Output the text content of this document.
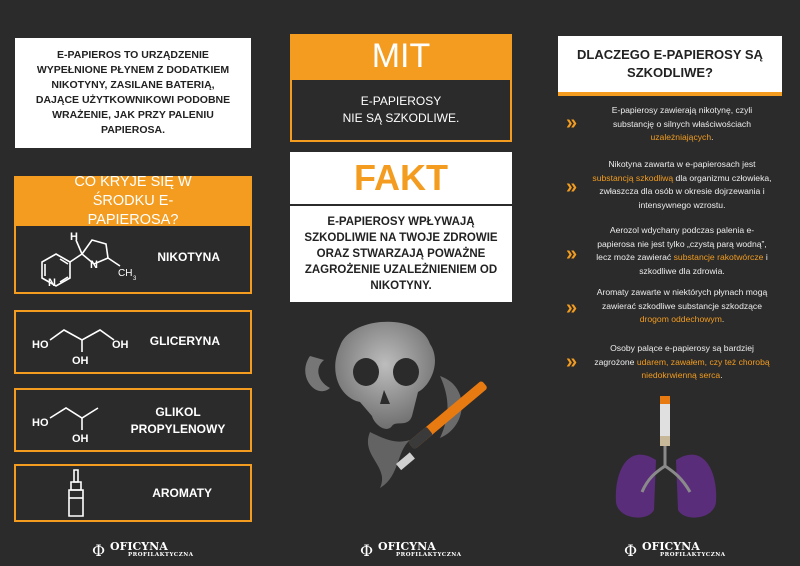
E-PAPIEROS TO URZĄDZENIE WYPEŁNIONE PŁYNEM Z DODATKIEM NIKOTYNY, ZASILANE BATERIĄ, DAJĄCE UŻYTKOWNIKOWI PODOBNE WRAŻENIE, JAK PRZY PALENIU PAPIEROSA.
CO KRYJE SIĘ W ŚRODKU E-PAPIEROSA?
H
N
N
CH 3
NIKOTYNA
HO
OH
OH GLICERYNA
HO
OH
GLIKOL PROPYLENOWY
AROMATY
MIT
E-PAPIEROSY
NIE SĄ SZKODLIWE.
FAKT
E-PAPIEROSY WPŁYWAJĄ SZKODLIWIE NA TWOJE ZDROWIE ORAZ STWARZAJĄ POWAŻNE ZAGROŻENIE UZALEŻNIENIEM OD NIKOTYNY.
DLACZEGO E-PAPIEROSY SĄ SZKODLIWE?
»
E-papierosy zawierają nikotynę, czyli substancję o silnych właściwościach uzależniających.
»
Nikotyna zawarta w e-papierosach jest substancją szkodliwą dla organizmu człowieka, zwłaszcza dla osób w okresie dojrzewania i intensywnego wzrostu.
»
Aerozol wdychany podczas palenia e-papierosa nie jest tylko „czystą parą wodną”, lecz może zawierać substancje rakotwórcze i szkodliwe dla zdrowia.
»
Aromaty zawarte w niektórych płynach mogą zawierać szkodliwe substancje szkodzące drogom oddechowym.
»
Osoby palące e-papierosy są bardziej zagrożone udarem, zawałem, czy też chorobą niedokrwienną serca.
Φ OFICYNA
PROFILAKTYCZNA	Φ OFICYNA
PROFILAKTYCZNA	Φ OFICYNA
PROFILAKTYCZNA
